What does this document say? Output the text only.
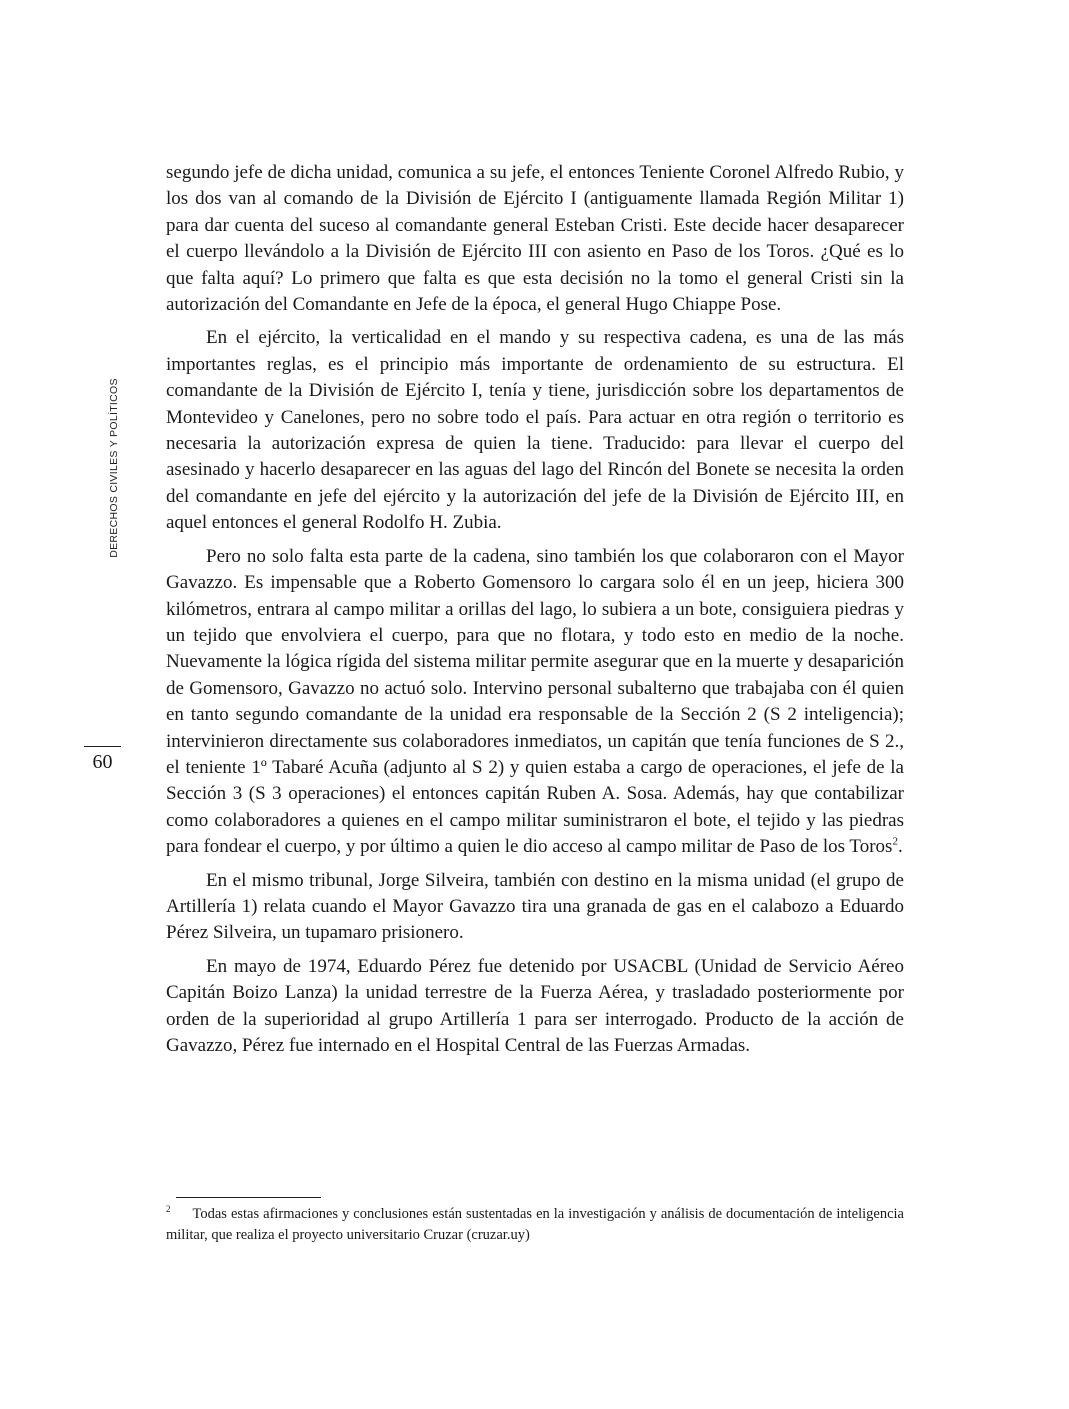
DERECHOS CIVILES Y POLÍTICOS
60

segundo jefe de dicha unidad, comunica a su jefe, el entonces Teniente Coronel Alfredo Rubio, y los dos van al comando de la División de Ejército I (antiguamente llamada Región Militar 1) para dar cuenta del suceso al comandante general Esteban Cristi. Este decide hacer desaparecer el cuerpo llevándolo a la División de Ejército III con asiento en Paso de los Toros. ¿Qué es lo que falta aquí? Lo primero que falta es que esta decisión no la tomo el general Cristi sin la autorización del Comandante en Jefe de la época, el general Hugo Chiappe Pose.

En el ejército, la verticalidad en el mando y su respectiva cadena, es una de las más importantes reglas, es el principio más importante de ordenamiento de su estructura. El comandante de la División de Ejército I, tenía y tiene, jurisdicción sobre los departamentos de Montevideo y Canelones, pero no sobre todo el país. Para actuar en otra región o territorio es necesaria la autorización expresa de quien la tiene. Traducido: para llevar el cuerpo del asesinado y hacerlo desaparecer en las aguas del lago del Rincón del Bonete se necesita la orden del comandante en jefe del ejército y la autorización del jefe de la División de Ejército III, en aquel entonces el general Rodolfo H. Zubia.

Pero no solo falta esta parte de la cadena, sino también los que colaboraron con el Mayor Gavazzo. Es impensable que a Roberto Gomensoro lo cargara solo él en un jeep, hiciera 300 kilómetros, entrara al campo militar a orillas del lago, lo subiera a un bote, consiguiera piedras y un tejido que envolviera el cuerpo, para que no flotara, y todo esto en medio de la noche. Nuevamente la lógica rígida del sistema militar permite asegurar que en la muerte y desaparición de Gomensoro, Gavazzo no actuó solo. Intervino personal subalterno que trabajaba con él quien en tanto segundo comandante de la unidad era responsable de la Sección 2 (S 2 inteligencia); intervinieron directamente sus colaboradores inmediatos, un capitán que tenía funciones de S 2., el teniente 1º Tabaré Acuña (adjunto al S 2) y quien estaba a cargo de operaciones, el jefe de la Sección 3 (S 3 operaciones) el entonces capitán Ruben A. Sosa. Además, hay que contabilizar como colaboradores a quienes en el campo militar suministraron el bote, el tejido y las piedras para fondear el cuerpo, y por último a quien le dio acceso al campo militar de Paso de los Toros$^2$.

En el mismo tribunal, Jorge Silveira, también con destino en la misma unidad (el grupo de Artillería 1) relata cuando el Mayor Gavazzo tira una granada de gas en el calabozo a Eduardo Pérez Silveira, un tupamaro prisionero.

En mayo de 1974, Eduardo Pérez fue detenido por USACBL (Unidad de Servicio Aéreo Capitán Boizo Lanza) la unidad terrestre de la Fuerza Aérea, y trasladado posteriormente por orden de la superioridad al grupo Artillería 1 para ser interrogado. Producto de la acción de Gavazzo, Pérez fue internado en el Hospital Central de las Fuerzas Armadas.

$^2$ Todas estas afirmaciones y conclusiones están sustentadas en la investigación y análisis de documentación de inteligencia militar, que realiza el proyecto universitario Cruzar (cruzar.uy)
